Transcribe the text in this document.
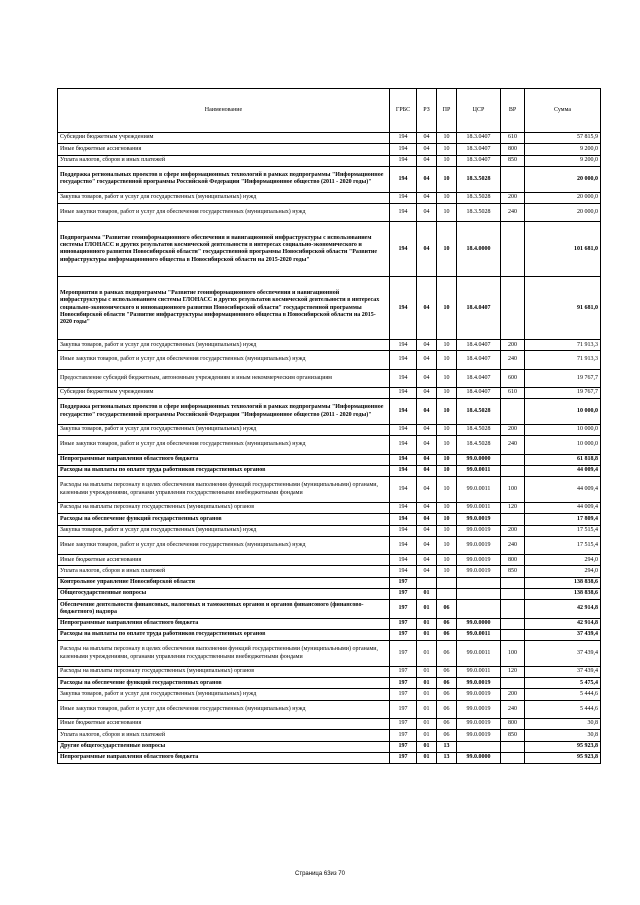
Наименование	ГРБС	РЗ	ПР	ЦСР	ВР	Сумма
Субсидии бюджетным учреждениям	194	04	10	18.3.0407	610	57 815,9
Иные бюджетные ассигнования	194	04	10	18.3.0407	800	9 200,0
Уплата налогов, сборов и иных платежей	194	04	10	18.3.0407	850	9 200,0
Поддержка региональных проектов в сфере информационных технологий в рамках подпрограммы "Информационное государство" государственной программы Российской Федерации "Информационное общество (2011 - 2020 годы)"	194	04	10	18.3.5028		20 000,0
Закупка товаров, работ и услуг для государственных (муниципальных) нужд	194	04	10	18.3.5028	200	20 000,0
Иные закупки товаров, работ и услуг для обеспечения государственных (муниципальных) нужд	194	04	10	18.3.5028	240	20 000,0
Подпрограмма "Развитие геоинформационного обеспечения и навигационной инфраструктуры с использованием системы ГЛОНАСС и других результатов космической деятельности в интересах социально-экономического и инновационного развития Новосибирской области" государственной программы Новосибирской области "Развитие инфраструктуры информационного общества в Новосибирской области на 2015-2020 годы"	194	04	10	18.4.0000		101 681,0
Мероприятия в рамках подпрограммы "Развитие геоинформационного обеспечения и навигационной инфраструктуры с использованием системы ГЛОНАСС и других результатов космической деятельности в интересах социально-экономического и инновационного развития Новосибирской области" государственной программы Новосибирской области "Развитие инфраструктуры информационного общества в Новосибирской области на 2015-2020 годы"	194	04	10	18.4.0407		91 681,0
Закупка товаров, работ и услуг для государственных (муниципальных) нужд	194	04	10	18.4.0407	200	71 913,3
Иные закупки товаров, работ и услуг для обеспечения государственных (муниципальных) нужд	194	04	10	18.4.0407	240	71 913,3
Предоставление субсидий бюджетным, автономным учреждениям и иным некоммерческим организациям	194	04	10	18.4.0407	600	19 767,7
Субсидии бюджетным учреждениям	194	04	10	18.4.0407	610	19 767,7
Поддержка региональных проектов в сфере информационных технологий в рамках подпрограммы "Информационное государство" государственной программы Российской Федерации "Информационное общество (2011 - 2020 годы)"	194	04	10	18.4.5028		10 000,0
Закупка товаров, работ и услуг для государственных (муниципальных) нужд	194	04	10	18.4.5028	200	10 000,0
Иные закупки товаров, работ и услуг для обеспечения государственных (муниципальных) нужд	194	04	10	18.4.5028	240	10 000,0
Непрограммные направления областного бюджета	194	04	10	99.0.0000		61 818,8
Расходы на выплаты по оплате труда работников государственных органов	194	04	10	99.0.0011		44 009,4
Расходы на выплаты персоналу в целях обеспечения выполнения функций государственными (муниципальными) органами, казенными учреждениями, органами управления государственными внебюджетными фондами	194	04	10	99.0.0011	100	44 009,4
Расходы на выплаты персоналу государственных (муниципальных) органов	194	04	10	99.0.0011	120	44 009,4
Расходы на обеспечение функций государственных органов	194	04	10	99.0.0019		17 809,4
Закупка товаров, работ и услуг для государственных (муниципальных) нужд	194	04	10	99.0.0019	200	17 515,4
Иные закупки товаров, работ и услуг для обеспечения государственных (муниципальных) нужд	194	04	10	99.0.0019	240	17 515,4
Иные бюджетные ассигнования	194	04	10	99.0.0019	800	294,0
Уплата налогов, сборов и иных платежей	194	04	10	99.0.0019	850	294,0
Контрольное управление Новосибирской области	197					138 838,6
Общегосударственные вопросы	197	01				138 838,6
Обеспечение деятельности финансовых, налоговых и таможенных органов и органов финансового (финансово-бюджетного) надзора	197	01	06			42 914,8
Непрограммные направления областного бюджета	197	01	06	99.0.0000		42 914,8
Расходы на выплаты по оплате труда работников государственных органов	197	01	06	99.0.0011		37 439,4
Расходы на выплаты персоналу в целях обеспечения выполнения функций государственными (муниципальными) органами, казенными учреждениями, органами управления государственными внебюджетными фондами	197	01	06	99.0.0011	100	37 439,4
Расходы на выплаты персоналу государственных (муниципальных) органов	197	01	06	99.0.0011	120	37 439,4
Расходы на обеспечение функций государственных органов	197	01	06	99.0.0019		5 475,4
Закупка товаров, работ и услуг для государственных (муниципальных) нужд	197	01	06	99.0.0019	200	5 444,6
Иные закупки товаров, работ и услуг для обеспечения государственных (муниципальных) нужд	197	01	06	99.0.0019	240	5 444,6
Иные бюджетные ассигнования	197	01	06	99.0.0019	800	30,8
Уплата налогов, сборов и иных платежей	197	01	06	99.0.0019	850	30,8
Другие общегосударственные вопросы	197	01	13			95 923,8
Непрограммные направления областного бюджета	197	01	13	99.0.0000		95 923,8
Страница 63из 70
